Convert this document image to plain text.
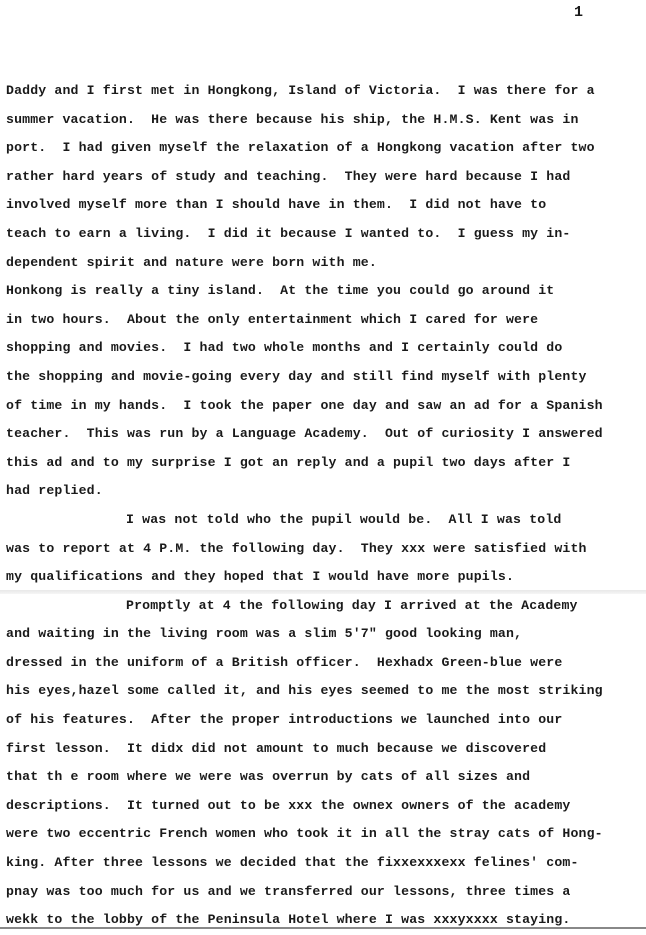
1
Daddy and I first met in Hongkong, Island of Victoria.  I was there for a
summer vacation.  He was there because his ship, the H.M.S. Kent was in
port.  I had given myself the relaxation of a Hongkong vacation after two
rather hard years of study and teaching.  They were hard because I had
involved myself more than I should have in them.  I did not have to
teach to earn a living.  I did it because I wanted to.  I guess my in-
dependent spirit and nature were born with me.
Honkong is really a tiny island.  At the time you could go around it
in two hours.  About the only entertainment which I cared for were
shopping and movies.  I had two whole months and I certainly could do
the shopping and movie-going every day and still find myself with plenty
of time in my hands.  I took the paper one day and saw an ad for a Spanish
teacher.  This was run by a Language Academy.  Out of curiosity I answered
this ad and to my surprise I got an reply and a pupil two days after I
had replied.
I was not told who the pupil would be.  All I was told
was to report at 4 P.M. the following day.  They xxx were satisfied with
my qualifications and they hoped that I would have more pupils.
Promptly at 4 the following day I arrived at the Academy
and waiting in the living room was a slim 5'7" good looking man,
dressed in the uniform of a British officer.  Hexhadx Green-blue were
his eyes,hazel some called it, and his eyes seemed to me the most striking
of his features.  After the proper introductions we launched into our
first lesson.  It didx did not amount to much because we discovered
that th e room where we were was overrun by cats of all sizes and
descriptions.  It turned out to be xxx the ownex owners of the academy
were two eccentric French women who took it in all the stray cats of Hong-
king. After three lessons we decided that the fixxexxxexx felines' com-
pnay was too much for us and we transferred our lessons, three times a
wekk to the lobby of the Peninsula Hotel where I was xxxyxxxx staying.
